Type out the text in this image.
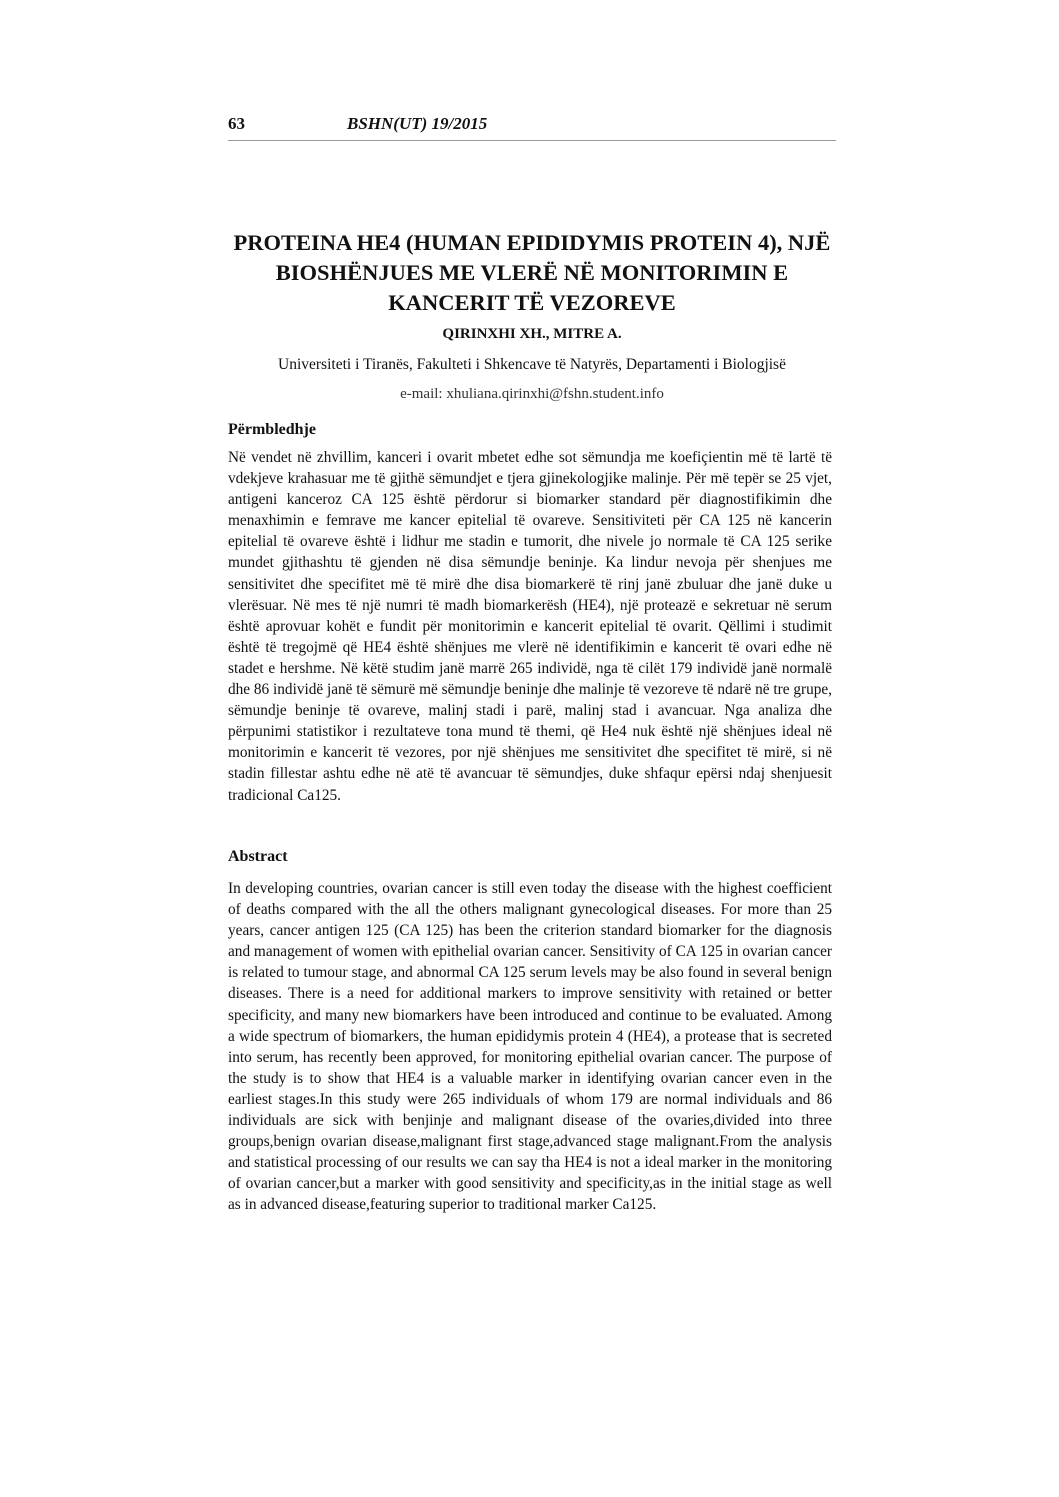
63	BSHN(UT) 19/2015
PROTEINA HE4 (HUMAN EPIDIDYMIS PROTEIN 4), NJË BIOSHËNJUES ME VLERË NË MONITORIMIN E KANCERIT TË VEZOREVE
QIRINXHI XH., MITRE A.
Universiteti i Tiranës, Fakulteti i Shkencave të Natyrës, Departamenti i Biologjisë
e-mail: xhuliana.qirinxhi@fshn.student.info
Përmbledhje

Në vendet në zhvillim, kanceri i ovarit mbetet edhe sot sëmundja me koefiçientin më të lartë të vdekjeve krahasuar me të gjithë sëmundjet e tjera gjinekologjike malinje. Për më tepër se 25 vjet, antigeni kanceroz CA 125 është përdorur si biomarker standard për diagnostifikimin dhe menaxhimin e femrave me kancer epitelial të ovareve. Sensitiviteti për CA 125 në kancerin epitelial të ovareve është i lidhur me stadin e tumorit, dhe nivele jo normale të CA 125 serike mundet gjithashtu të gjenden në disa sëmundje beninje. Ka lindur nevoja për shenjues me sensitivitet dhe specifitet më të mirë dhe disa biomarkerë të rinj janë zbuluar dhe janë duke u vlerësuar. Në mes të një numri të madh biomarkerësh (HE4), një proteazë e sekretuar në serum është aprovuar kohët e fundit për monitorimin e kancerit epitelial të ovarit. Qëllimi i studimit është të tregojmë që HE4 është shënjues me vlerë në identifikimin e kancerit të ovari edhe në stadet e hershme. Në këtë studim janë marrë 265 individë, nga të cilët 179 individë janë normalë dhe 86 individë janë të sëmurë më sëmundje beninje dhe malinje të vezoreve të ndarë në tre grupe, sëmundje beninje të ovareve, malinj stadi i parë, malinj stad i avancuar. Nga analiza dhe përpunimi statistikor i rezultateve tona mund të themi, që He4 nuk është një shënjues ideal në monitorimin e kancerit të vezores, por një shënjues me sensitivitet dhe specifitet të mirë, si në stadin fillestar ashtu edhe në atë të avancuar të sëmundjes, duke shfaqur epërsi ndaj shenjuesit tradicional Ca125.

Abstract

In developing countries, ovarian cancer is still even today the disease with the highest coefficient of deaths compared with the all the others malignant gynecological diseases. For more than 25 years, cancer antigen 125 (CA 125) has been the criterion standard biomarker for the diagnosis and management of women with epithelial ovarian cancer. Sensitivity of CA 125 in ovarian cancer is related to tumour stage, and abnormal CA 125 serum levels may be also found in several benign diseases. There is a need for additional markers to improve sensitivity with retained or better specificity, and many new biomarkers have been introduced and continue to be evaluated. Among a wide spectrum of biomarkers, the human epididymis protein 4 (HE4), a protease that is secreted into serum, has recently been approved, for monitoring epithelial ovarian cancer. The purpose of the study is to show that HE4 is a valuable marker in identifying ovarian cancer even in the earliest stages.In this study were 265 individuals of whom 179 are normal individuals and 86 individuals are sick with benjinje and malignant disease of the ovaries,divided into three groups,benign ovarian disease,malignant first stage,advanced stage malignant.From the analysis and statistical processing of our results we can say tha HE4 is not a ideal marker in the monitoring of ovarian cancer,but a marker with good sensitivity and specificity,as in the initial stage as well as in advanced disease,featuring superior to traditional marker Ca125.
